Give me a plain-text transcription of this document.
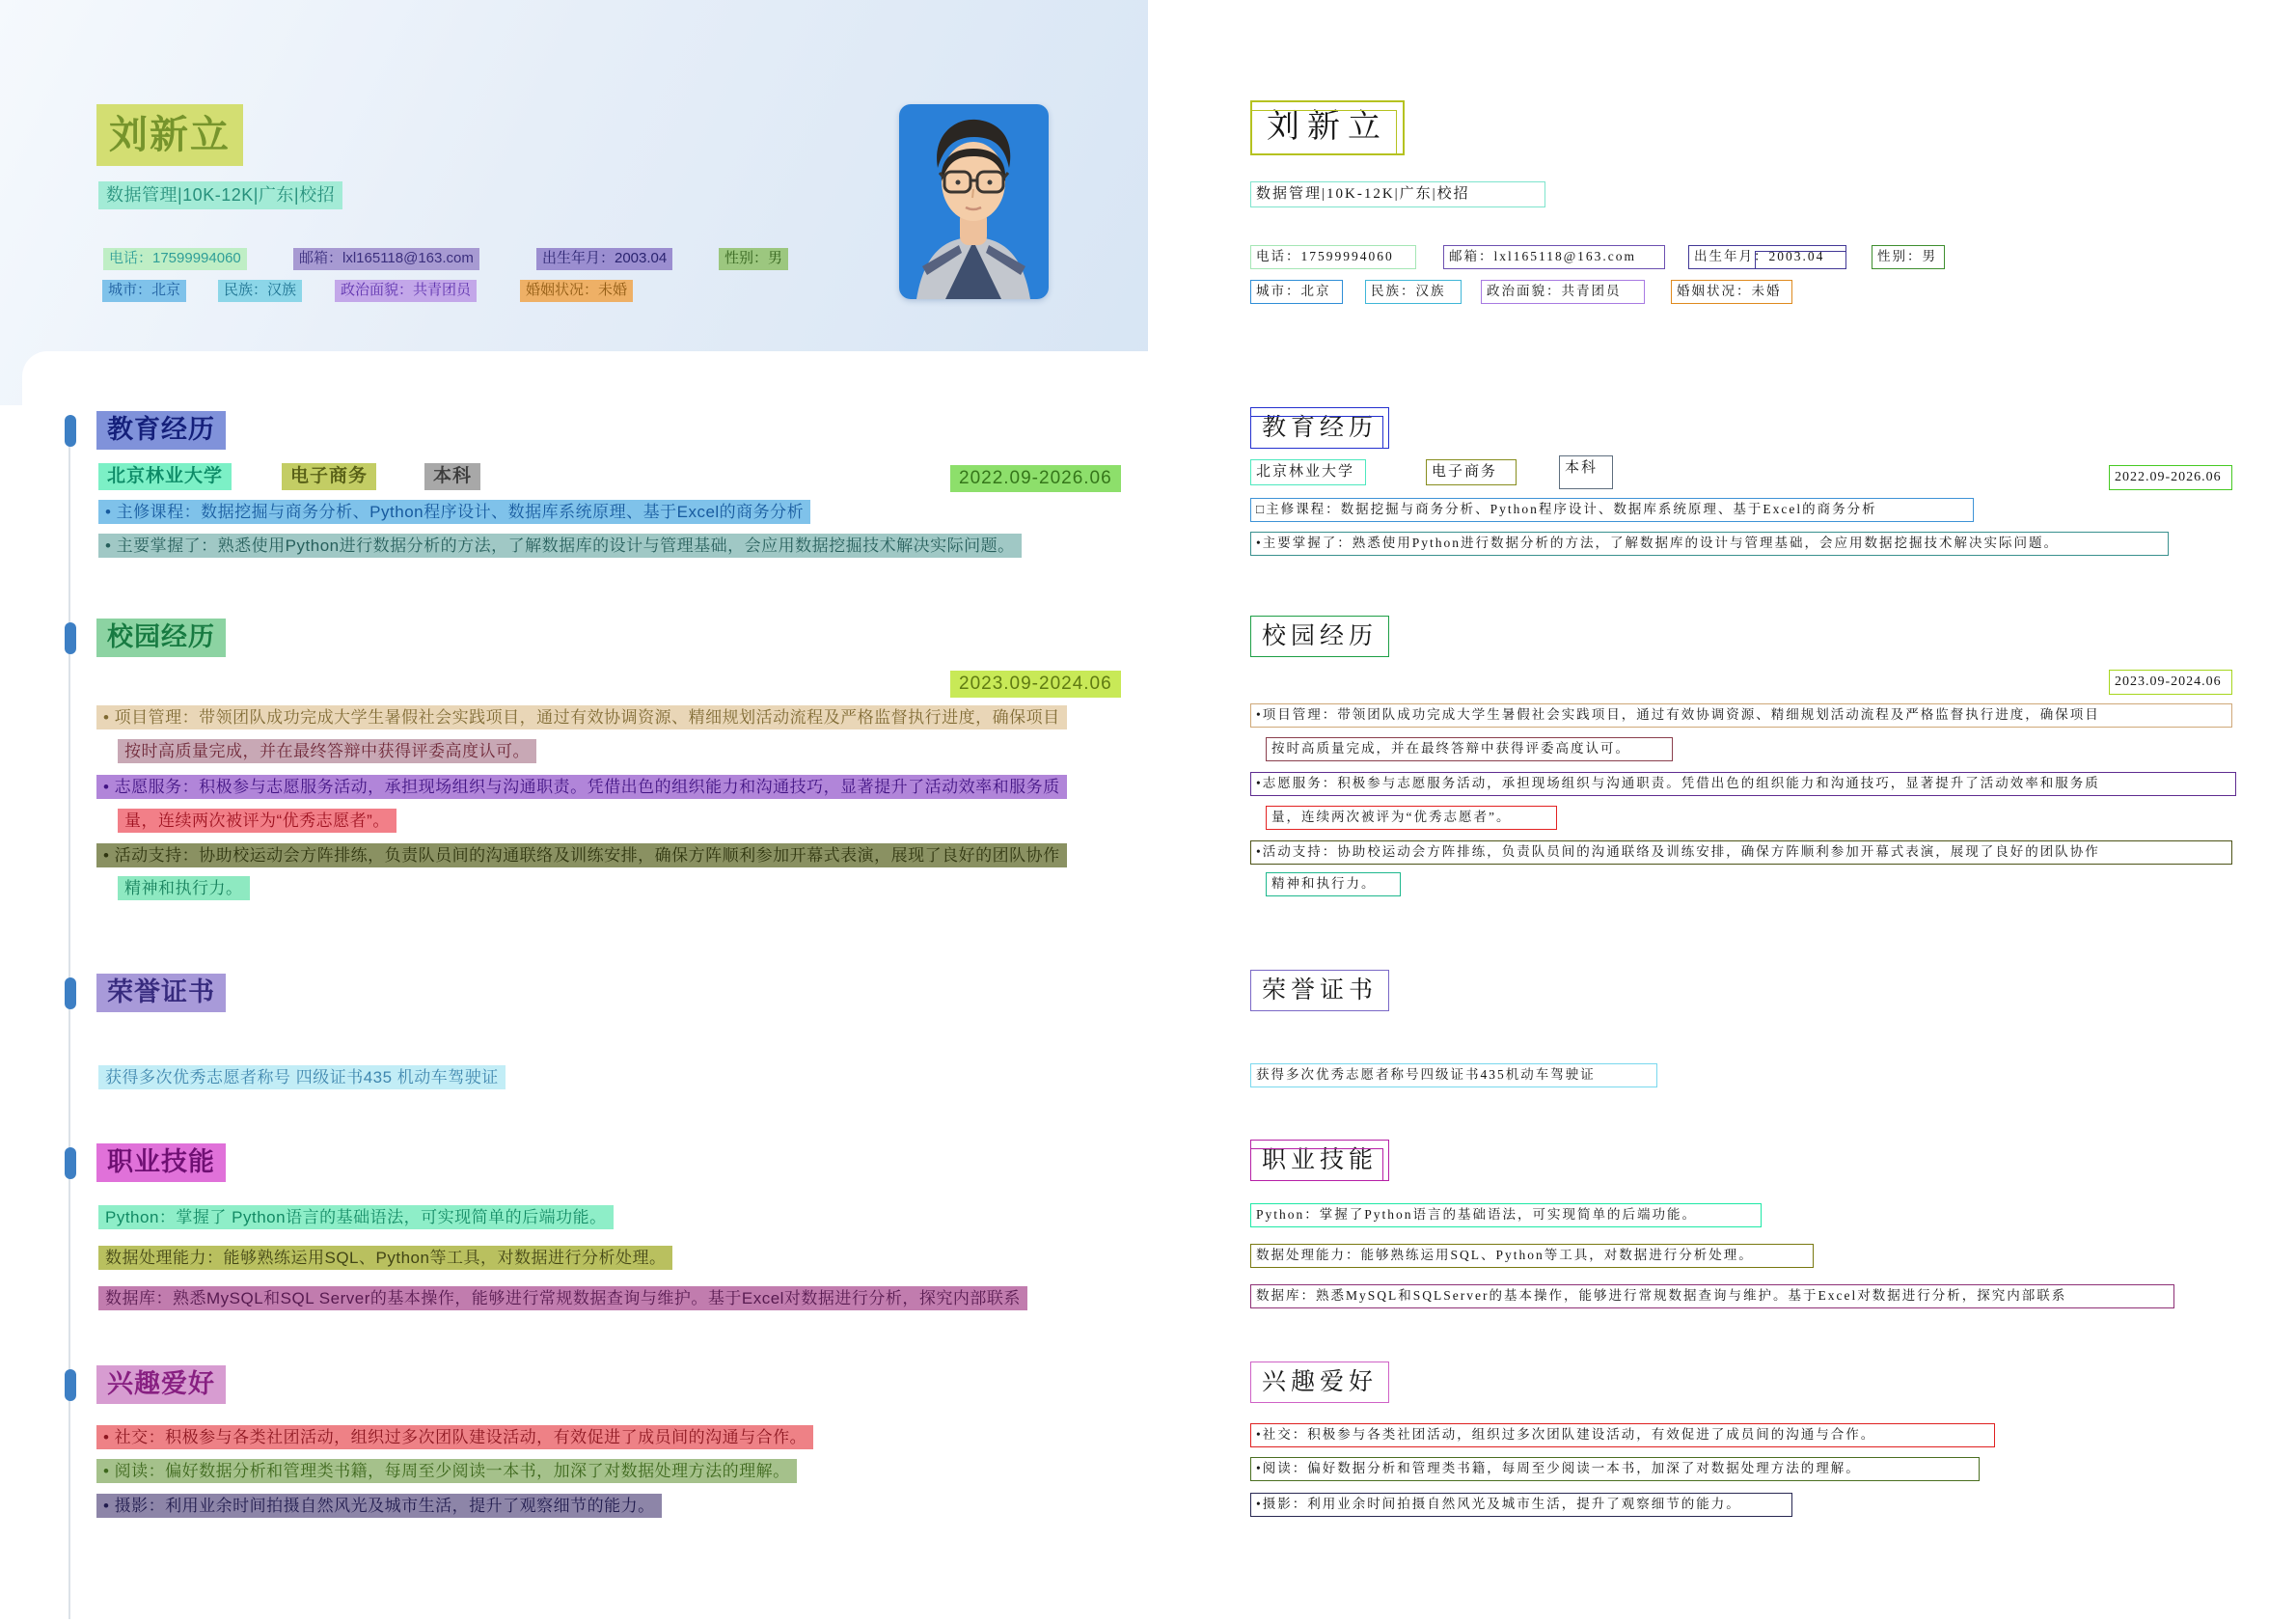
刘新立
数据管理|10K-12K|广东|校招
电话：17599994060	邮箱：lxl165118@163.com	出生年月：2003.04	性别：男
城市：北京	民族：汉族	政治面貌：共青团员	婚姻状况：未婚
教育经历
北京林业大学	电子商务	本科	2022.09-2026.06
• 主修课程：数据挖掘与商务分析、Python程序设计、数据库系统原理、基于Excel的商务分析
• 主要掌握了：熟悉使用Python进行数据分析的方法，了解数据库的设计与管理基础，会应用数据挖掘技术解决实际问题。
校园经历
2023.09-2024.06
• 项目管理：带领团队成功完成大学生暑假社会实践项目，通过有效协调资源、精细规划活动流程及严格监督执行进度，确保项目
按时高质量完成，并在最终答辩中获得评委高度认可。
• 志愿服务：积极参与志愿服务活动，承担现场组织与沟通职责。凭借出色的组织能力和沟通技巧，显著提升了活动效率和服务质
量，连续两次被评为“优秀志愿者”。
• 活动支持：协助校运动会方阵排练，负责队员间的沟通联络及训练安排，确保方阵顺利参加开幕式表演，展现了良好的团队协作
精神和执行力。
荣誉证书
获得多次优秀志愿者称号 四级证书435 机动车驾驶证
职业技能
Python：掌握了 Python语言的基础语法，可实现简单的后端功能。
数据处理能力：能够熟练运用SQL、Python等工具，对数据进行分析处理。
数据库：熟悉MySQL和SQL Server的基本操作，能够进行常规数据查询与维护。基于Excel对数据进行分析，探究内部联系
兴趣爱好
• 社交：积极参与各类社团活动，组织过多次团队建设活动，有效促进了成员间的沟通与合作。
• 阅读：偏好数据分析和管理类书籍，每周至少阅读一本书，加深了对数据处理方法的理解。
• 摄影：利用业余时间拍摄自然风光及城市生活，提升了观察细节的能力。
刘新立
数据管理|10K-12K|广东|校招
电话：17599994060	邮箱：lxl165118@163.com	出生年月：2003.04	性别：男
城市：北京	民族：汉族	政治面貌：共青团员	婚姻状况：未婚
教育经历
北京林业大学	电子商务	本科
2022.09-2026.06
□主修课程：数据挖掘与商务分析、Python程序设计、数据库系统原理、基于Excel的商务分析
•主要掌握了：熟悉使用Python进行数据分析的方法，了解数据库的设计与管理基础，会应用数据挖掘技术解决实际问题。
校园经历
2023.09-2024.06
•项目管理：带领团队成功完成大学生暑假社会实践项目，通过有效协调资源、精细规划活动流程及严格监督执行进度，确保项目
按时高质量完成，并在最终答辩中获得评委高度认可。
•志愿服务：积极参与志愿服务活动，承担现场组织与沟通职责。凭借出色的组织能力和沟通技巧，显著提升了活动效率和服务质
量，连续两次被评为“优秀志愿者”。
•活动支持：协助校运动会方阵排练，负责队员间的沟通联络及训练安排，确保方阵顺利参加开幕式表演，展现了良好的团队协作
精神和执行力。
荣誉证书
获得多次优秀志愿者称号四级证书435机动车驾驶证
职业技能
Python：掌握了Python语言的基础语法，可实现简单的后端功能。
数据处理能力：能够熟练运用SQL、Python等工具，对数据进行分析处理。
数据库：熟悉MySQL和SQLServer的基本操作，能够进行常规数据查询与维护。基于Excel对数据进行分析，探究内部联系
兴趣爱好
•社交：积极参与各类社团活动，组织过多次团队建设活动，有效促进了成员间的沟通与合作。
•阅读：偏好数据分析和管理类书籍，每周至少阅读一本书，加深了对数据处理方法的理解。
•摄影：利用业余时间拍摄自然风光及城市生活，提升了观察细节的能力。
